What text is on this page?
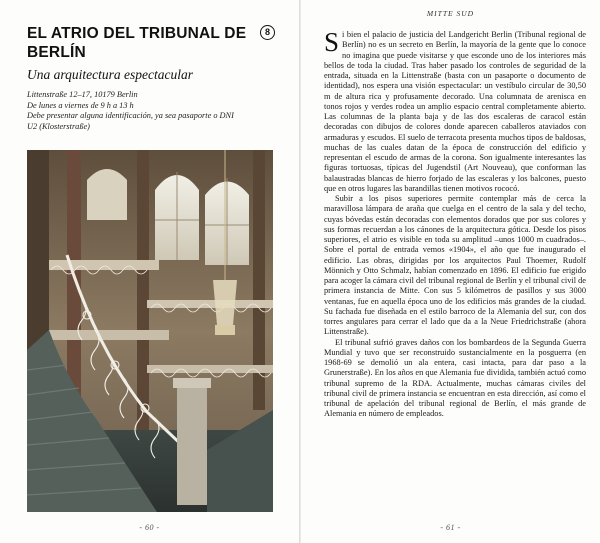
EL ATRIO DEL TRIBUNAL DE BERLÍN
8

Una arquitectura espectacular

Littenstraße 12–17, 10179 Berlin
De lunes a viernes de 9 h a 13 h
Debe presentar alguna identificación, ya sea pasaporte o DNI
U2 (Klosterstraße)
- 60 -
MITTE SUD

Si bien el palacio de justicia del Landgericht Berlin (Tribunal regional de Berlín) no es un secreto en Berlín, la mayoría de la gente que lo conoce no imagina que puede visitarse y que esconde uno de los interiores más bellos de toda la ciudad. Tras haber pasado los controles de seguridad de la entrada, situada en la Littenstraße (basta con un pasaporte o documento de identidad), nos espera una visión espectacular: un vestíbulo circular de 30,50 m de altura rica y profusamente decorado. Una columnata de arenisca en tonos rojos y verdes rodea un amplio espacio central completamente abierto. Las columnas de la planta baja y de las dos escaleras de caracol están decoradas con dibujos de colores donde aparecen caballeros ataviados con armaduras y escudos. El suelo de terracota presenta muchos tipos de baldosas, muchas de las cuales datan de la época de construcción del edificio y representan el escudo de armas de la corona. Son igualmente interesantes las figuras tortuosas, típicas del Jugendstil (Art Nouveau), que conforman las balaustradas blancas de hierro forjado de las escaleras y los balcones, puesto que en otros lugares las barandillas tienen motivos rococó.

Subir a los pisos superiores permite contemplar más de cerca la maravillosa lámpara de araña que cuelga en el centro de la sala y del techo, cuyas bóvedas están decoradas con elementos dorados que por sus colores y sus formas recuerdan a los cánones de la arquitectura gótica. Desde los pisos superiores, el atrio es visible en toda su amplitud –unos 1000 m cuadrados–. Sobre el portal de entrada vemos «1904», el año que fue inaugurado el edificio. Las obras, dirigidas por los arquitectos Paul Thoemer, Rudolf Mönnich y Otto Schmalz, habían comenzado en 1896. El edificio fue erigido para acoger la cámara civil del tribunal regional de Berlín y el tribunal civil de primera instancia de Mitte. Con sus 5 kilómetros de pasillos y sus 3000 ventanas, fue en aquella época uno de los edificios más grandes de la ciudad. Su fachada fue diseñada en el estilo barroco de la Alemania del sur, con dos torres angulares para cerrar el lado que da a la Neue Friedrichstraße (ahora Littenstraße).

El tribunal sufrió graves daños con los bombardeos de la Segunda Guerra Mundial y tuvo que ser reconstruido sustancialmente en la posguerra (en 1968-69 se demolió un ala entera, casi intacta, para dar paso a la Grunerstraße). En los años en que Alemania fue dividida, también actuó como tribunal supremo de la RDA. Actualmente, muchas cámaras civiles del tribunal civil de primera instancia se encuentran en esta dirección, así como el tribunal de apelación del tribunal regional de Berlín, el más grande de Alemania en número de empleados.

- 61 -
